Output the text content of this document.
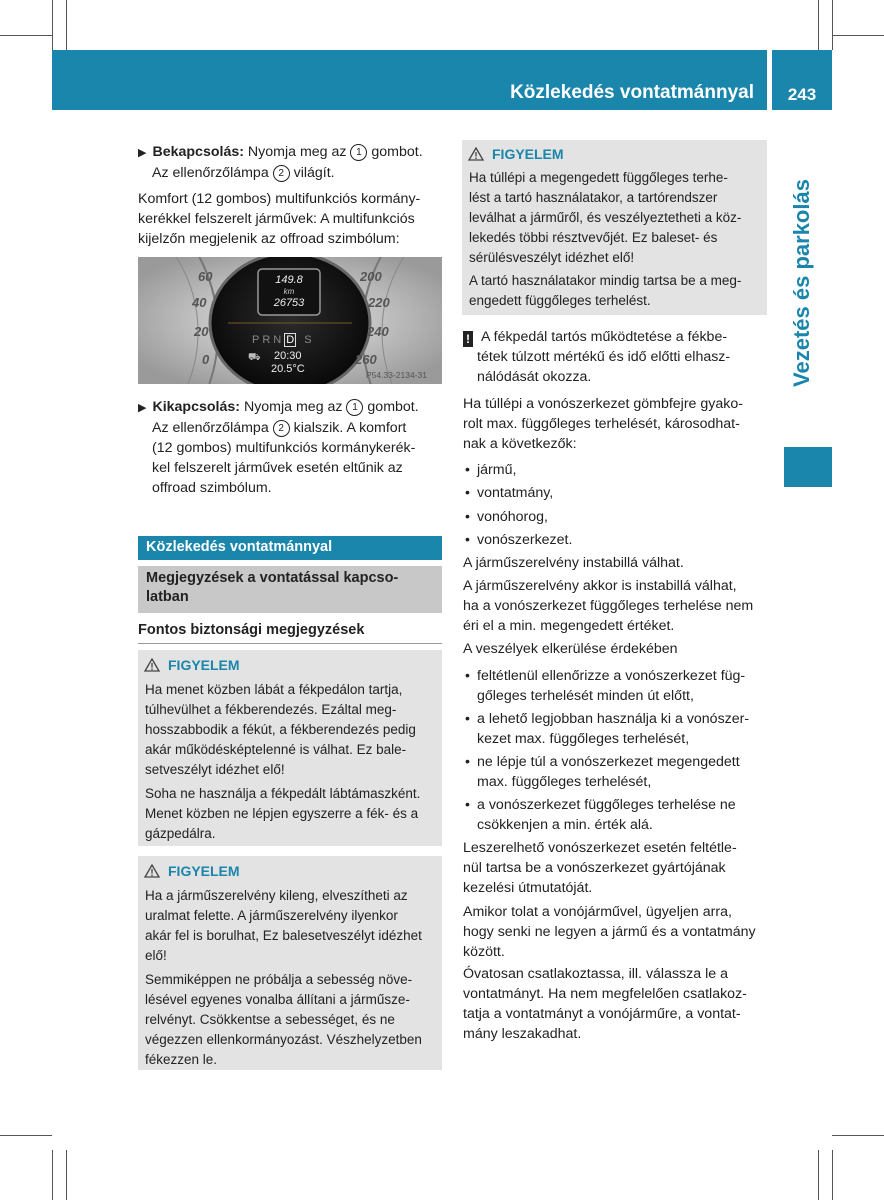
Közlekedés vontatmánnyal 243
Vezetés és parkolás
▶ Bekapcsolás: Nyomja meg az 1 gombot.
Az ellenőrzőlámpa 2 világít.
Komfort (12 gombos) multifunkciós kormány-
kerékkel felszerelt járművek: A multifunkciós
kijelzőn megjelenik az offroad szimbólum:
60
40
20
0
200
220
240
260
149.8
km
26753
PRN D S
⛟ 20:30
20.5°C	P54.33-2134-31
▶ Kikapcsolás: Nyomja meg az 1 gombot.
Az ellenőrzőlámpa 2 kialszik. A komfort
(12 gombos) multifunkciós kormánykerék-
kel felszerelt járművek esetén eltűnik az
offroad szimbólum.
Közlekedés vontatmánnyal
Megjegyzések a vontatással kapcso-
latban
Fontos biztonsági megjegyzések
FIGYELEM
Ha menet közben lábát a fékpedálon tartja,
túlhevülhet a fékberendezés. Ezáltal meg-
hosszabbodik a fékút, a fékberendezés pedig
akár működésképtelenné is válhat. Ez bale-
setveszélyt idézhet elő!
Soha ne használja a fékpedált lábtámaszként.
Menet közben ne lépjen egyszerre a fék- és a
gázpedálra.
FIGYELEM
Ha a járműszerelvény kileng, elveszítheti az
uralmat felette. A járműszerelvény ilyenkor
akár fel is borulhat, Ez balesetveszélyt idézhet
elő!
Semmiképpen ne próbálja a sebesség növe-
lésével egyenes vonalba állítani a járműsze-
relvényt. Csökkentse a sebességet, és ne
végezzen ellenkormányozást. Vészhelyzetben
fékezzen le.
FIGYELEM
Ha túllépi a megengedett függőleges terhe-
lést a tartó használatakor, a tartórendszer
leválhat a járműről, és veszélyeztetheti a köz-
lekedés többi résztvevőjét. Ez baleset- és
sérülésveszélyt idézhet elő!
A tartó használatakor mindig tartsa be a meg-
engedett függőleges terhelést.
! A fékpedál tartós működtetése a fékbe-
tétek túlzott mértékű és idő előtti elhasz-
nálódását okozza.
Ha túllépi a vonószerkezet gömbfejre gyako-
rolt max. függőleges terhelését, károsodhat-
nak a következők:
• jármű,
• vontatmány,
• vonóhorog,
• vonószerkezet.
A járműszerelvény instabillá válhat.
A járműszerelvény akkor is instabillá válhat,
ha a vonószerkezet függőleges terhelése nem
éri el a min. megengedett értéket.
A veszélyek elkerülése érdekében
• feltétlenül ellenőrizze a vonószerkezet füg-
gőleges terhelését minden út előtt,
• a lehető legjobban használja ki a vonószer-
kezet max. függőleges terhelését,
• ne lépje túl a vonószerkezet megengedett
max. függőleges terhelését,
• a vonószerkezet függőleges terhelése ne
csökkenjen a min. érték alá.
Leszerelhető vonószerkezet esetén feltétle-
nül tartsa be a vonószerkezet gyártójának
kezelési útmutatóját.
Amikor tolat a vonójárművel, ügyeljen arra,
hogy senki ne legyen a jármű és a vontatmány
között.
Óvatosan csatlakoztassa, ill. válassza le a
vontatmányt. Ha nem megfelelően csatlakoz-
tatja a vontatmányt a vonójárműre, a vontat-
mány leszakadhat.
